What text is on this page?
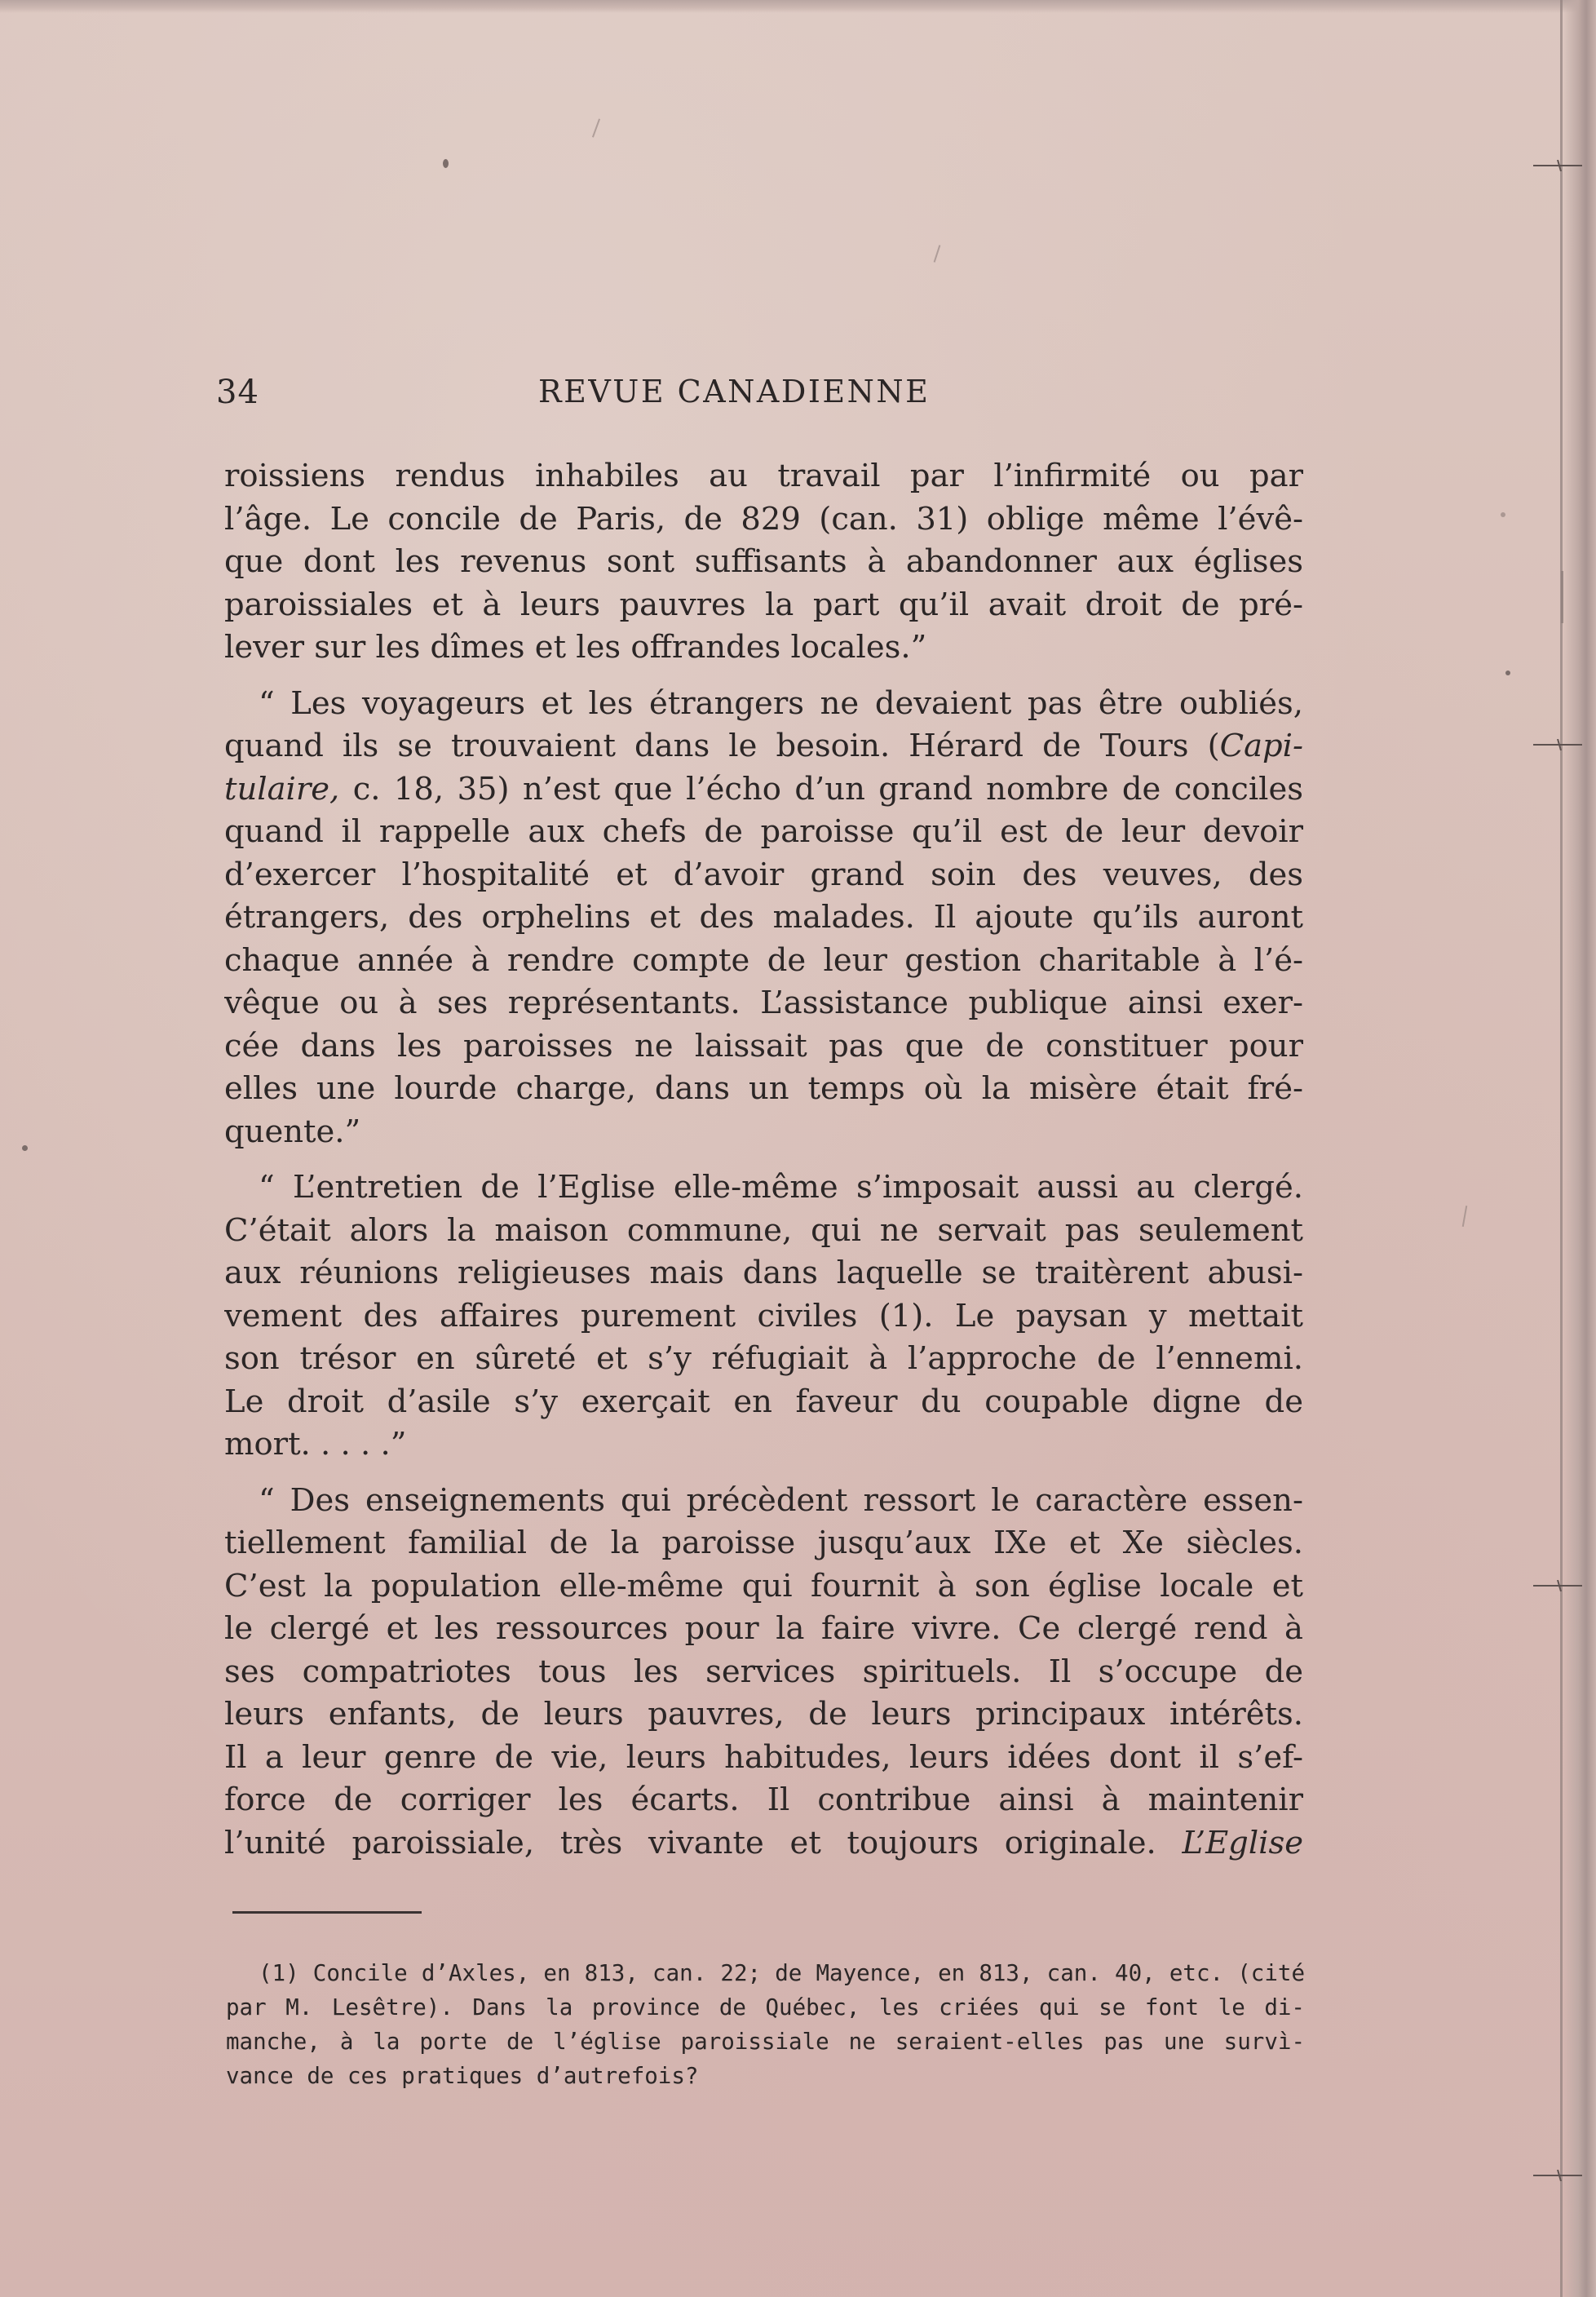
34	REVUE CANADIENNE
roissiens rendus inhabiles au travail par l’infirmité ou par
l’âge. Le concile de Paris, de 829 (can. 31) oblige même l’évê-
que dont les revenus sont suffisants à abandonner aux églises
paroissiales et à leurs pauvres la part qu’il avait droit de pré-
lever sur les dîmes et les offrandes locales.”
“ Les voyageurs et les étrangers ne devaient pas être oubliés,
quand ils se trouvaient dans le besoin. Hérard de Tours (Capi-
tulaire, c. 18, 35) n’est que l’écho d’un grand nombre de conciles
quand il rappelle aux chefs de paroisse qu’il est de leur devoir
d’exercer l’hospitalité et d’avoir grand soin des veuves, des
étrangers, des orphelins et des malades. Il ajoute qu’ils auront
chaque année à rendre compte de leur gestion charitable à l’é-
vêque ou à ses représentants. L’assistance publique ainsi exer-
cée dans les paroisses ne laissait pas que de constituer pour
elles une lourde charge, dans un temps où la misère était fré-
quente.”
“ L’entretien de l’Eglise elle-même s’imposait aussi au clergé.
C’était alors la maison commune, qui ne servait pas seulement
aux réunions religieuses mais dans laquelle se traitèrent abusi-
vement des affaires purement civiles (1). Le paysan y mettait
son trésor en sûreté et s’y réfugiait à l’approche de l’ennemi.
Le droit d’asile s’y exerçait en faveur du coupable digne de
mort. . . . .”
“ Des enseignements qui précèdent ressort le caractère essen-
tiellement familial de la paroisse jusqu’aux IXe et Xe siècles.
C’est la population elle-même qui fournit à son église locale et
le clergé et les ressources pour la faire vivre. Ce clergé rend à
ses compatriotes tous les services spirituels. Il s’occupe de
leurs enfants, de leurs pauvres, de leurs principaux intérêts.
Il a leur genre de vie, leurs habitudes, leurs idées dont il s’ef-
force de corriger les écarts. Il contribue ainsi à maintenir
l’unité paroissiale, très vivante et toujours originale. L’Eglise
(1) Concile d’Axles, en 813, can. 22; de Mayence, en 813, can. 40, etc. (cité
par M. Lesêtre). Dans la province de Québec, les criées qui se font le di-
manche, à la porte de l’église paroissiale ne seraient-elles pas une survì-
vance de ces pratiques d’autrefois?
